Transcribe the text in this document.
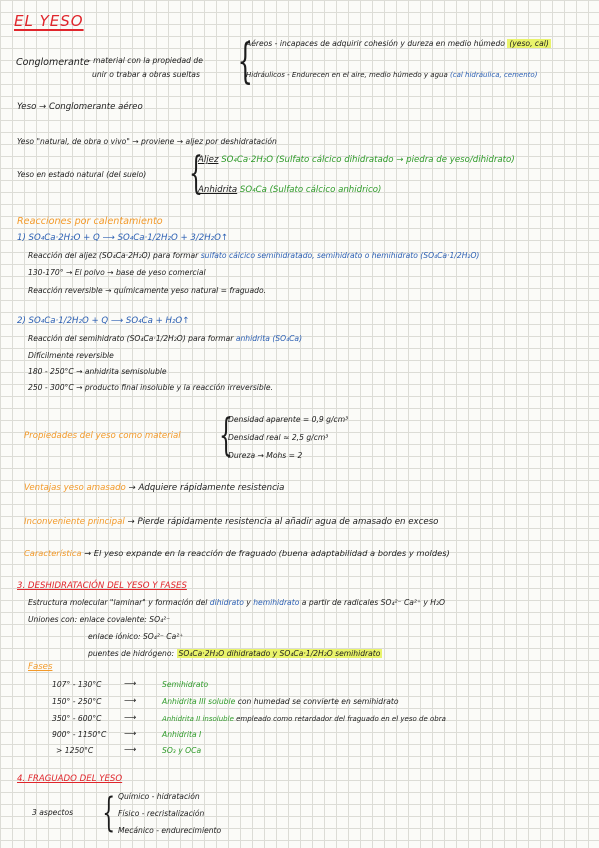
EL YESO
Conglomerante
- material con la propiedad de
unir o trabar a obras sueltas {
Aéreos - incapaces de adquirir cohesión y dureza en medio húmedo (yeso, cal)
Hidráulicos - Endurecen en el aire, medio húmedo y agua (cal hidráulica, cemento)
Yeso → Conglomerante aéreo
Yeso "natural, de obra o vivo" → proviene → aljez por deshidratación
Yeso en estado natural (del suelo) {
Aljez SO₄Ca·2H₂O (Sulfato cálcico dihidratado → piedra de yeso/dihidrato)
Anhidrita SO₄Ca (Sulfato cálcico anhidrico)
Reacciones por calentamiento
1) SO₄Ca·2H₂O + Q ⟶ SO₄Ca·1/2H₂O + 3/2H₂O↑
Reacción del aljez (SO₄Ca·2H₂O) para formar sulfato cálcico semihidratado, semihidrato o hemihidrato (SO₄Ca·1/2H₂O)
130-170° → El polvo → base de yeso comercial
Reacción reversible → químicamente yeso natural = fraguado.
2) SO₄Ca·1/2H₂O + Q ⟶ SO₄Ca + H₂O↑
Reacción del semihidrato (SO₄Ca·1/2H₂O) para formar anhidrita (SO₄Ca)
Difícilmente reversible
180 - 250°C → anhidrita semisoluble
250 - 300°C → producto final insoluble y la reacción irreversible.
Propiedades del yeso como material {
Densidad aparente = 0,9 g/cm³
Densidad real ≈ 2,5 g/cm³
Dureza → Mohs = 2
Ventajas yeso amasado → Adquiere rápidamente resistencia
Inconveniente principal → Pierde rápidamente resistencia al añadir agua de amasado en exceso
Característica → El yeso expande en la reacción de fraguado (buena adaptabilidad a bordes y moldes)
3. DESHIDRATACIÓN DEL YESO Y FASES
Estructura molecular "laminar" y formación del dihidrato y hemihidrato a partir de radicales SO₄²⁻ Ca²⁺ y H₂O
Uniones con: enlace covalente: SO₄²⁻
enlace iónico: SO₄²⁻ Ca²⁺
puentes de hidrógeno: SO₄Ca·2H₂O dihidratado y SO₄Ca·1/2H₂O semihidrato
Fases
107° - 130°C	⟶	Semihidrato
150° - 250°C	⟶	Anhidrita III soluble con humedad se convierte en semihidrato
350° - 600°C	⟶	Anhidrita II insoluble empleado como retardador del fraguado en el yeso de obra
900° - 1150°C ⟶	Anhidrita I
> 1250°C	⟶	SO₃ y OCa
4. FRAGUADO DEL YESO
3 aspectos { Químico - hidratación
Físico - recristalización
Mecánico - endurecimiento
